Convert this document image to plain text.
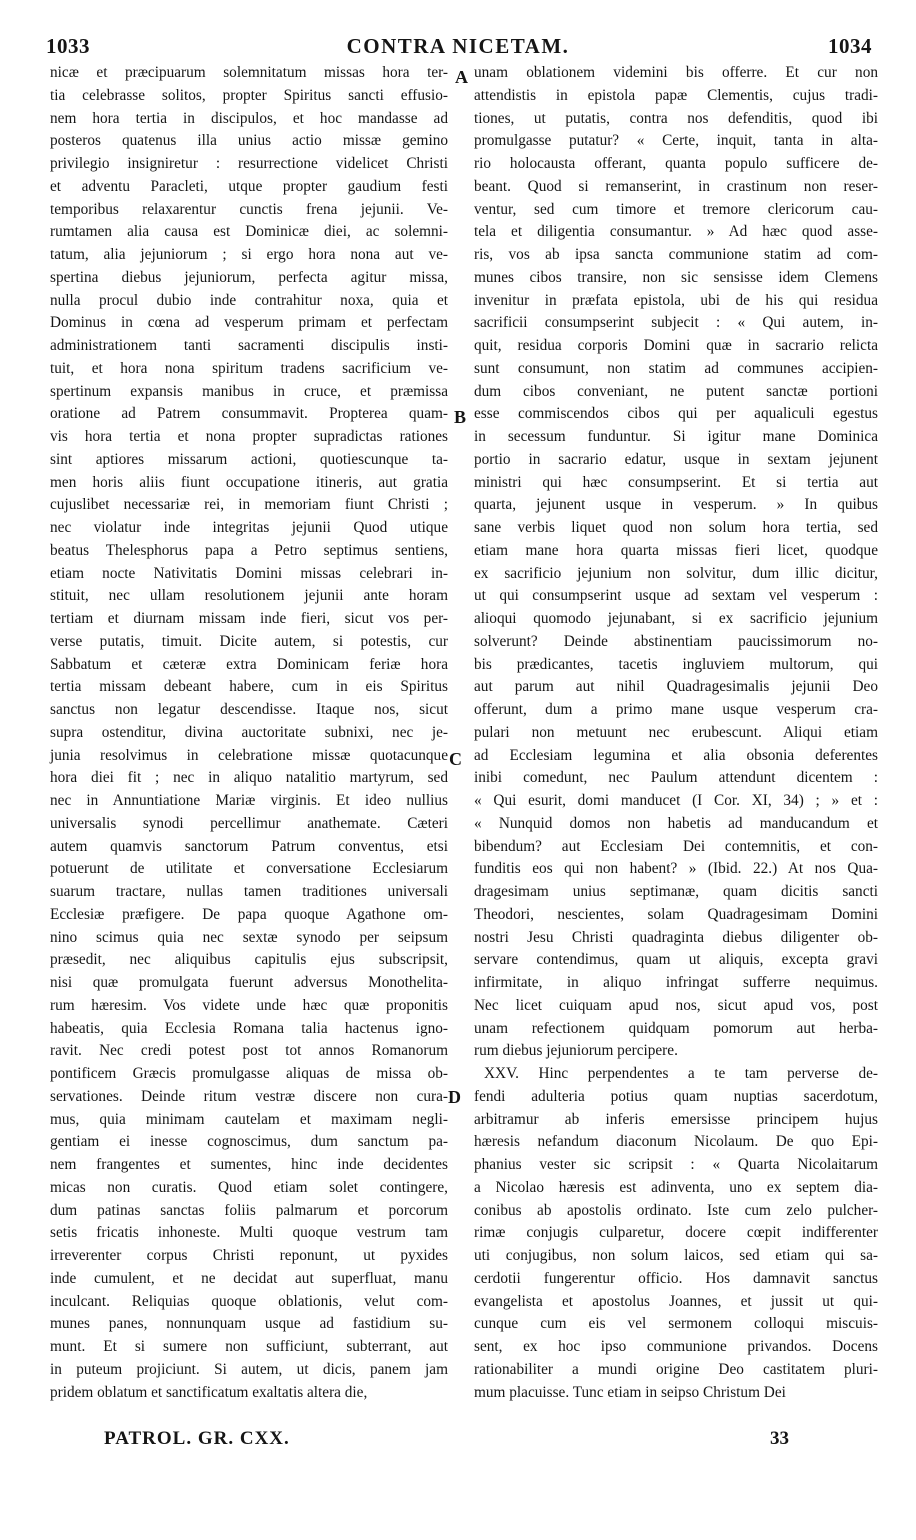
CONTRA NICETAM.
1033	1034
nicæ et præcipuarum solemnitatum missas hora ter-
tia celebrasse solitos, propter Spiritus sancti effusio-
nem hora tertia in discipulos, et hoc mandasse ad
posteros quatenus illa unius actio missæ gemino
privilegio insigniretur : resurrectione videlicet Christi
et adventu Paracleti, utque propter gaudium festi
temporibus relaxarentur cunctis frena jejunii. Ve-
rumtamen alia causa est Dominicæ diei, ac solemni-
tatum, alia jejuniorum ; si ergo hora nona aut ve-
spertina diebus jejuniorum, perfecta agitur missa,
nulla procul dubio inde contrahitur noxa, quia et
Dominus in cœna ad vesperum primam et perfectam
administrationem tanti sacramenti discipulis insti-
tuit, et hora nona spiritum tradens sacrificium ve-
spertinum expansis manibus in cruce, et præmissa
oratione ad Patrem consummavit. Propterea quam-
vis hora tertia et nona propter supradictas rationes
sint aptiores missarum actioni, quotiescunque ta-
men horis aliis fiunt occupatione itineris, aut gratia
cujuslibet necessariæ rei, in memoriam fiunt Christi ;
nec violatur inde integritas jejunii Quod utique
beatus Thelesphorus papa a Petro septimus sentiens,
etiam nocte Nativitatis Domini missas celebrari in-
stituit, nec ullam resolutionem jejunii ante horam
tertiam et diurnam missam inde fieri, sicut vos per-
verse putatis, timuit. Dicite autem, si potestis, cur
Sabbatum et cæteræ extra Dominicam feriæ hora
tertia missam debeant habere, cum in eis Spiritus
sanctus non legatur descendisse. Itaque nos, sicut
supra ostenditur, divina auctoritate subnixi, nec je-
junia resolvimus in celebratione missæ quotacunque
hora diei fit ; nec in aliquo natalitio martyrum, sed
nec in Annuntiatione Mariæ virginis. Et ideo nullius
universalis synodi percellimur anathemate. Cæteri
autem quamvis sanctorum Patrum conventus, etsi
potuerunt de utilitate et conversatione Ecclesiarum
suarum tractare, nullas tamen traditiones universali
Ecclesiæ præfigere. De papa quoque Agathone om-
nino scimus quia nec sextæ synodo per seipsum
præsedit, nec aliquibus capitulis ejus subscripsit,
nisi quæ promulgata fuerunt adversus Monothelita-
rum hæresim. Vos videte unde hæc quæ proponitis
habeatis, quia Ecclesia Romana talia hactenus igno-
ravit. Nec credi potest post tot annos Romanorum
pontificem Græcis promulgasse aliquas de missa ob-
servationes. Deinde ritum vestræ discere non cura-
mus, quia minimam cautelam et maximam negli-
gentiam ei inesse cognoscimus, dum sanctum pa-
nem frangentes et sumentes, hinc inde decidentes
micas non curatis. Quod etiam solet contingere,
dum patinas sanctas foliis palmarum et porcorum
setis fricatis inhoneste. Multi quoque vestrum tam
irreverenter corpus Christi reponunt, ut pyxides
inde cumulent, et ne decidat aut superfluat, manu
inculcant. Reliquias quoque oblationis, velut com-
munes panes, nonnunquam usque ad fastidium su-
munt. Et si sumere non sufficiunt, subterrant, aut
in puteum projiciunt. Si autem, ut dicis, panem jam
pridem oblatum et sanctificatum exaltatis altera die,
unam oblationem videmini bis offerre. Et cur non
attendistis in epistola papæ Clementis, cujus tradi-
tiones, ut putatis, contra nos defenditis, quod ibi
promulgasse putatur? « Certe, inquit, tanta in alta-
rio holocausta offerant, quanta populo sufficere de-
beant. Quod si remanserint, in crastinum non reser-
ventur, sed cum timore et tremore clericorum cau-
tela et diligentia consumantur. » Ad hæc quod asse-
ris, vos ab ipsa sancta communione statim ad com-
munes cibos transire, non sic sensisse idem Clemens
invenitur in præfata epistola, ubi de his qui residua
sacrificii consumpserint subjecit : « Qui autem, in-
quit, residua corporis Domini quæ in sacrario relicta
sunt consumunt, non statim ad communes accipien-
dum cibos conveniant, ne putent sanctæ portioni
esse commiscendos cibos qui per aqualiculi egestus
in secessum funduntur. Si igitur mane Dominica
portio in sacrario edatur, usque in sextam jejunent
ministri qui hæc consumpserint. Et si tertia aut
quarta, jejunent usque in vesperum. » In quibus
sane verbis liquet quod non solum hora tertia, sed
etiam mane hora quarta missas fieri licet, quodque
ex sacrificio jejunium non solvitur, dum illic dicitur,
ut qui consumpserint usque ad sextam vel vesperum :
alioqui quomodo jejunabant, si ex sacrificio jejunium
solverunt? Deinde abstinentiam paucissimorum no-
bis prædicantes, tacetis ingluviem multorum, qui
aut parum aut nihil Quadragesimalis jejunii Deo
offerunt, dum a primo mane usque vesperum cra-
pulari non metuunt nec erubescunt. Aliqui etiam
ad Ecclesiam legumina et alia obsonia deferentes
inibi comedunt, nec Paulum attendunt dicentem :
« Qui esurit, domi manducet (I Cor. XI, 34) ; » et :
« Nunquid domos non habetis ad manducandum et
bibendum? aut Ecclesiam Dei contemnitis, et con-
funditis eos qui non habent? » (Ibid. 22.) At nos Qua-
dragesimam unius septimanæ, quam dicitis sancti
Theodori, nescientes, solam Quadragesimam Domini
nostri Jesu Christi quadraginta diebus diligenter ob-
servare contendimus, quam ut aliquis, excepta gravi
infirmitate, in aliquo infringat sufferre nequimus.
Nec licet cuiquam apud nos, sicut apud vos, post
unam refectionem quidquam pomorum aut herba-
rum diebus jejuniorum percipere.
XXV. Hinc perpendentes a te tam perverse de-
fendi adulteria potius quam nuptias sacerdotum,
arbitramur ab inferis emersisse principem hujus
hæresis nefandum diaconum Nicolaum. De quo Epi-
phanius vester sic scripsit : « Quarta Nicolaitarum
a Nicolao hæresis est adinventa, uno ex septem dia-
conibus ab apostolis ordinato. Iste cum zelo pulcher-
rimæ conjugis culparetur, docere cœpit indifferenter
uti conjugibus, non solum laicos, sed etiam qui sa-
cerdotii fungerentur officio. Hos damnavit sanctus
evangelista et apostolus Joannes, et jussit ut qui-
cunque cum eis vel sermonem colloqui miscuis-
sent, ex hoc ipso communione privandos. Docens
rationabiliter a mundi origine Deo castitatem pluri-
mum placuisse. Tunc etiam in seipso Christum Dei
A
B
C
D
PATROL. GR. CXX.	33
